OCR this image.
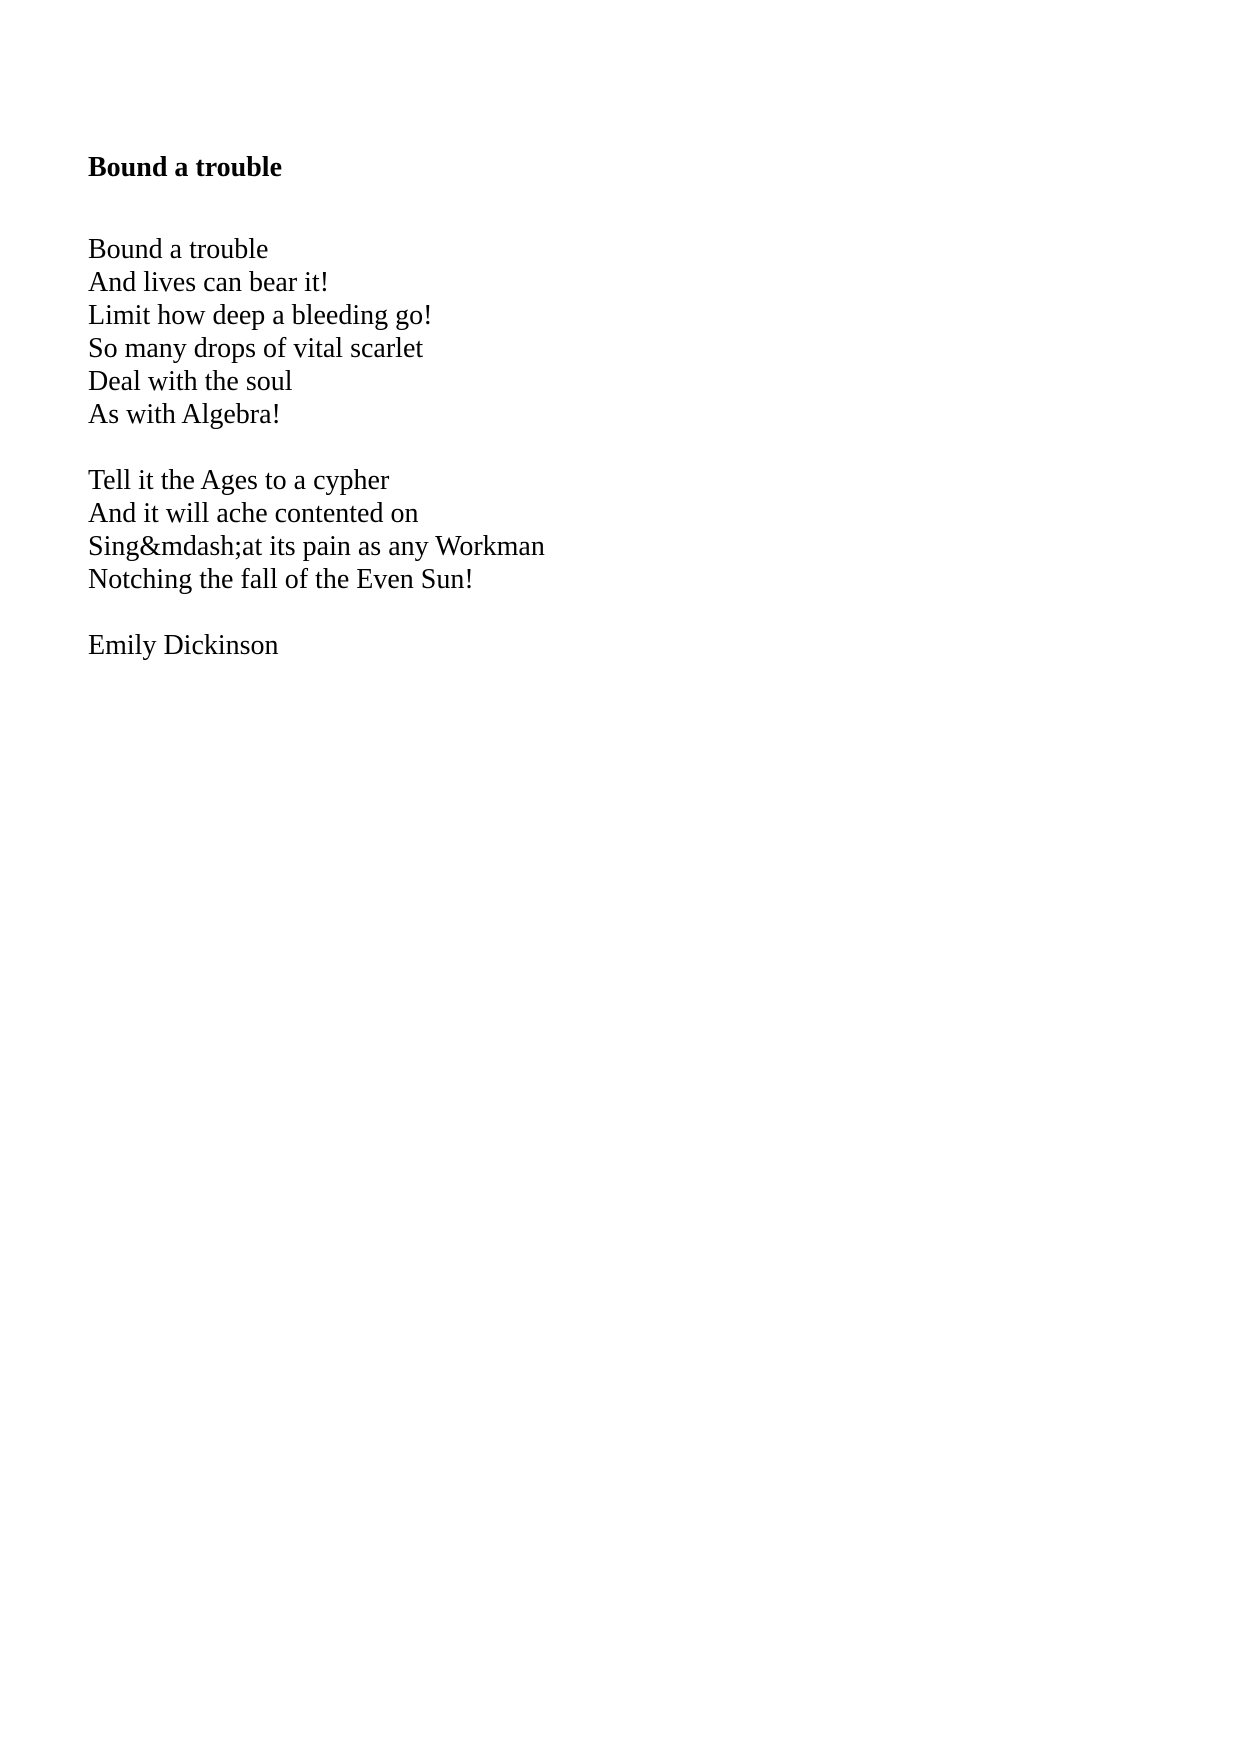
Bound a trouble
Bound a trouble
And lives can bear it!
Limit how deep a bleeding go!
So many drops of vital scarlet
Deal with the soul
As with Algebra!
Tell it the Ages to a cypher
And it will ache contented on
Sing&mdash;at its pain as any Workman
Notching the fall of the Even Sun!
Emily Dickinson
